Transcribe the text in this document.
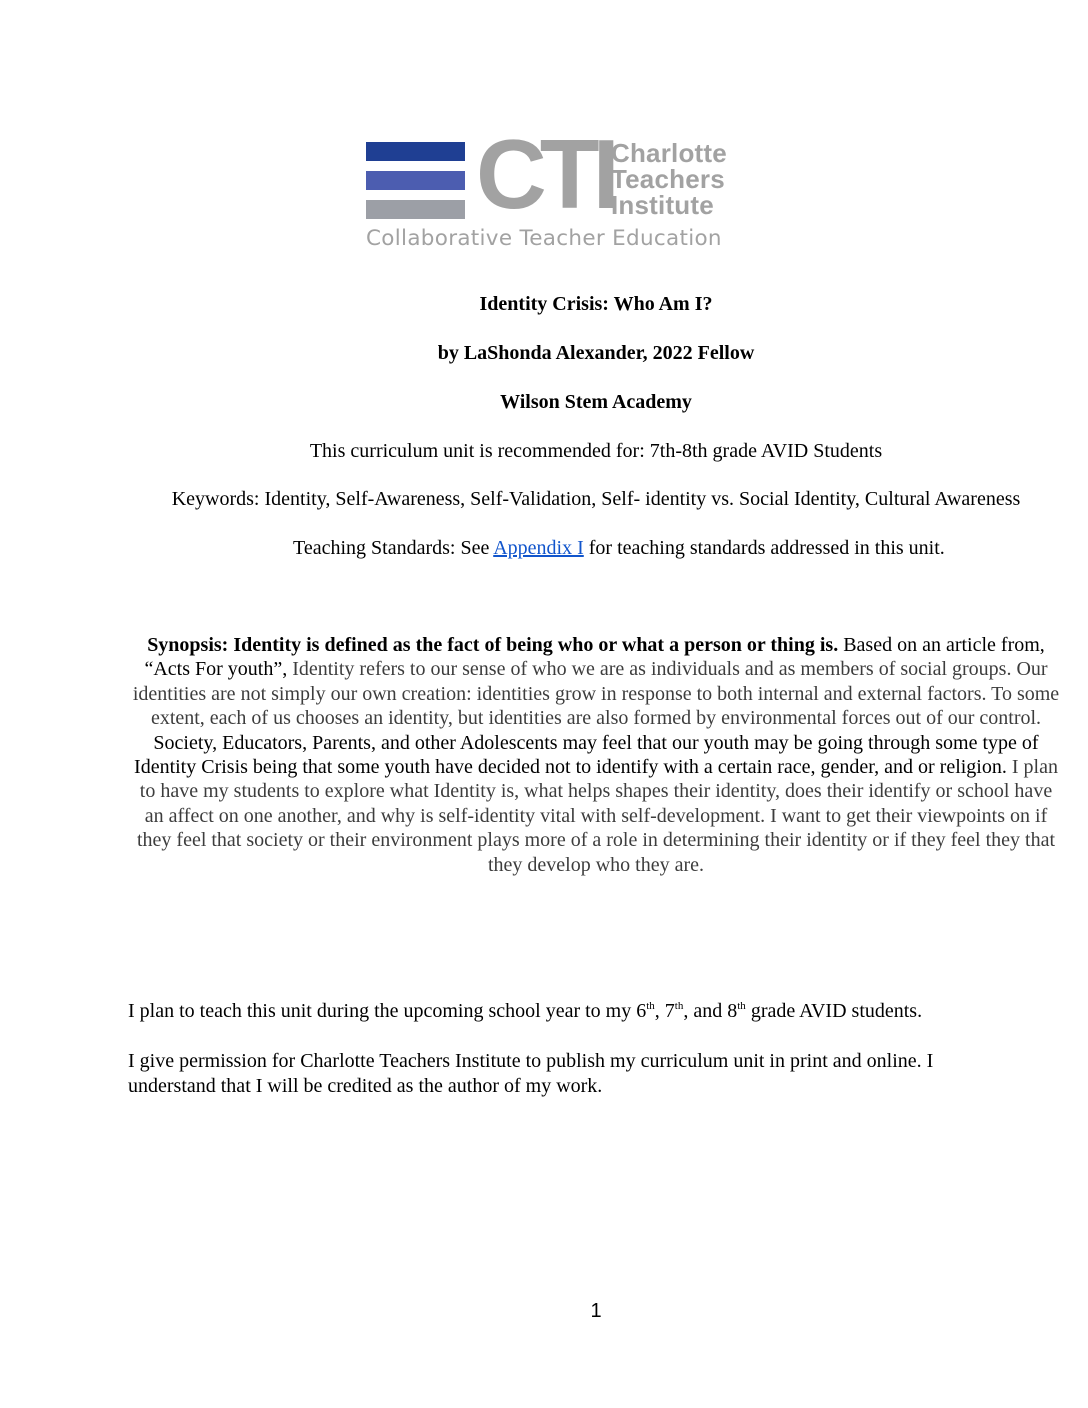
CTI
Charlotte
Teachers
Institute
Collaborative Teacher Education
Identity Crisis: Who Am I?
by LaShonda Alexander, 2022 Fellow
Wilson Stem Academy
This curriculum unit is recommended for: 7th-8th grade AVID Students
Keywords: Identity, Self-Awareness, Self-Validation, Self- identity vs. Social Identity, Cultural Awareness
Teaching Standards: See Appendix I for teaching standards addressed in this unit.
Synopsis: Identity is defined as the fact of being who or what a person or thing is. Based on an article from, “Acts For youth”, Identity refers to our sense of who we are as individuals and as members of social groups. Our identities are not simply our own creation: identities grow in response to both internal and external factors. To some extent, each of us chooses an identity, but identities are also formed by environmental forces out of our control. Society, Educators, Parents, and other Adolescents may feel that our youth may be going through some type of Identity Crisis being that some youth have decided not to identify with a certain race, gender, and or religion. I plan to have my students to explore what Identity is, what helps shapes their identity, does their identify or school have an affect on one another, and why is self-identity vital with self-development. I want to get their viewpoints on if they feel that society or their environment plays more of a role in determining their identity or if they feel they that they develop who they are.
I plan to teach this unit during the upcoming school year to my 6th, 7th, and 8th grade AVID students.
I give permission for Charlotte Teachers Institute to publish my curriculum unit in print and online. I understand that I will be credited as the author of my work.
1
